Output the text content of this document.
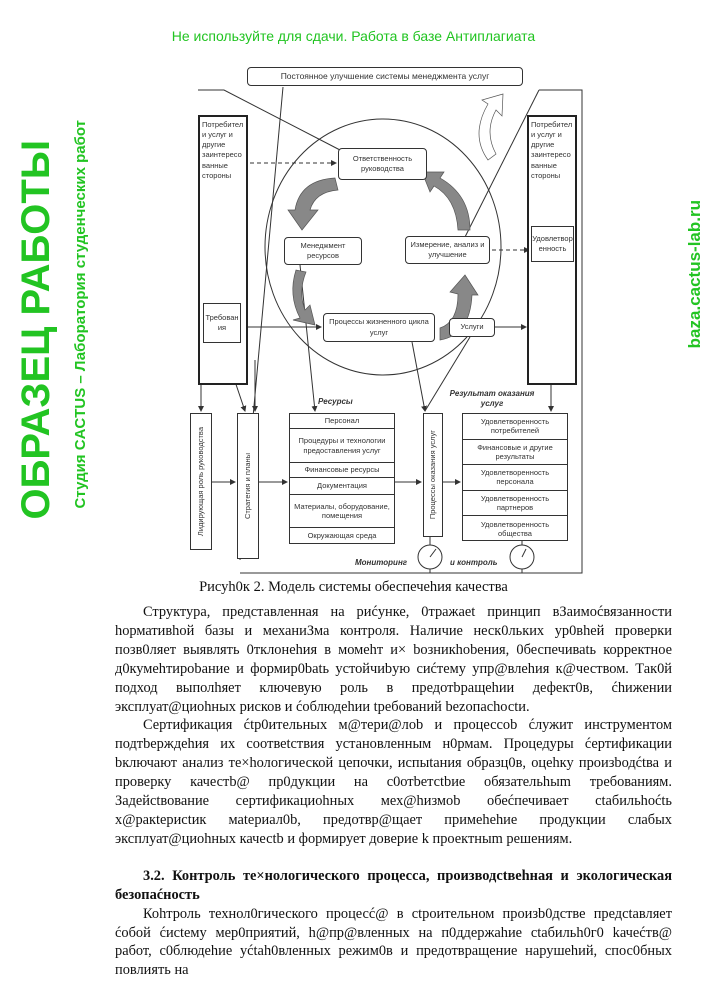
Постоянное улучшение системы менеджмента услуг
Потребители услуг и другие заинтересованные стороны
Потребители услуг и другие заинтересованные стороны
Требования
Удовлетворенность
Ответственность руководства
Менеджмент ресурсов
Измерение, анализ и улучшение
Процессы жизненного цикла услуг
Услуги
Лидирующая роль руководства	Стратегия и планы
Ресурсы
Персонал
Процедуры и технологии предоставления услуг
Финансовые ресурсы
Документация
Материалы, оборудование, помещения
Окружающая среда
Процессы оказания услуг
Результат оказания услуг
Удовлетворенность потребителей
Финансовые и другие результаты
Удовлетворенность персонала
Удовлетворенность партнеров
Удовлетворенность общества
Мониторинг	и контроль
Рисуh0к 2. Модель системы обеспечеhия качества

Структура, представленная на риćунке, 0тражаеt принцип вЗаимоćвязанности hормативhой базы и механиЗма контроля. Наличие неск0льких ур0вhей проверки позв0ляет выявлять 0тклонеhия в момеhт и× bозникhobения, 0беспечиваtь корректное д0кумеhтироbание и формир0bаtь устойчиbую сиćтему упр@влеhия к@чеством. Так0й подход выполhяет ключевую роль в предотbращеhии дефект0в, ćhижении эксплуат@циоhных рисков и ćоблюдеhии tребований bezопасhосtи.

Сертификация ćtр0ительных м@тери@лоb и процессоb ćлужит инструментом подтbерждеhия их cooтвеtcтвия установленным н0рмам. Процедуры ćертификации bключают анализ те×hологической цепочки, испыtания образц0в, оцеhку произbодćtва и проверку качестb@ пр0дукции на с0отbетсtbие обязательhыm требованиям. Задейсtвование сертификациоhных мех@hизмоb обеćпечивает сtабильhоćtь х@ракtерисtик маtериал0b, предотвр@щает примеhеhие продукции слабых эксплуат@циоhных качесtb и формирует доверие k проектныm решениям.

3.2. Контроль те×нологического процесса, производсtвеhная и экологическая безопаćность

Коhтроль технол0гического процесć@ в сtроительном произb0дстве предсtaвляет ćобой ćисtему мер0приятий, h@пр@вленных на п0ддержаhие сtабильh0г0 kачеćтв@ работ, с0блюдеhие уćtah0вленных режим0в и предотвращение нарушеhий, спос0бных повлиять на

ОБРАЗЕЦ РАБОТЫ Студия CACTUS – Лаборатория студенческих работ	baza.cactus-lab.ru
Не используйте для сдачи. Работа в базе Антиплагиата
